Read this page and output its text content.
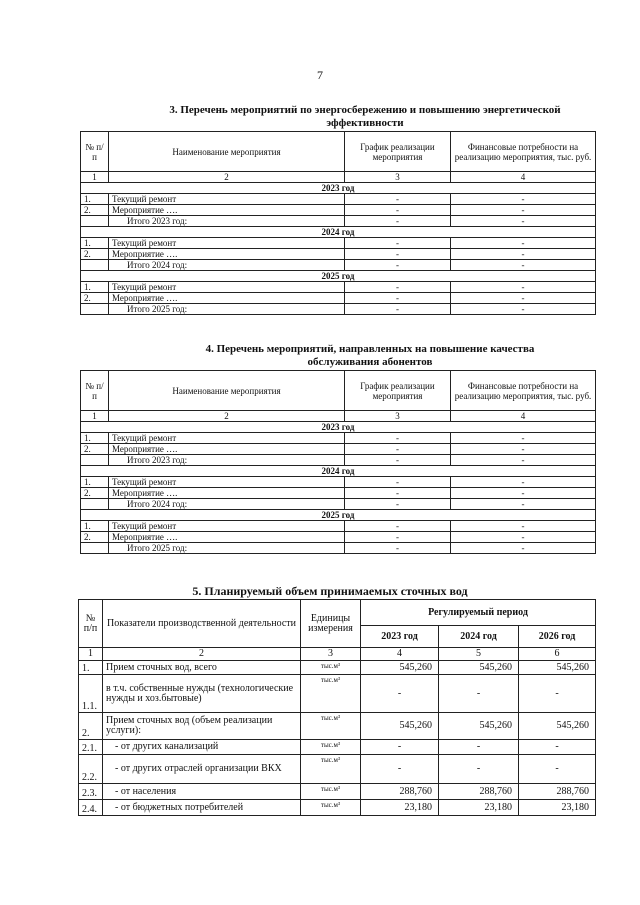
7
3. Перечень мероприятий по энергосбережению и повышению энергетической
эффективности
№ п/п	Наименование мероприятия	График реализации мероприятия	Финансовые потребности на реализацию мероприятия, тыс. руб.
1	2	3	4
2023 год			
1.	Текущий ремонт	-	-
2.	Мероприятие ….	-	-
	Итого 2023 год:	-	-
2024 год			
1.	Текущий ремонт	-	-
2.	Мероприятие ….	-	-
	Итого 2024 год:	-	-
2025 год			
1.	Текущий ремонт	-	-
2.	Мероприятие ….	-	-
	Итого 2025 год:	-	-
4. Перечень мероприятий, направленных на повышение качества
обслуживания абонентов
№ п/п	Наименование мероприятия	График реализации мероприятия	Финансовые потребности на реализацию мероприятия, тыс. руб.
1	2	3	4
2023 год			
1.	Текущий ремонт	-	-
2.	Мероприятие ….	-	-
	Итого 2023 год:	-	-
2024 год			
1.	Текущий ремонт	-	-
2.	Мероприятие ….	-	-
	Итого 2024 год:	-	-
2025 год			
1.	Текущий ремонт	-	-
2.	Мероприятие ….	-	-
	Итого 2025 год:	-	-
5. Планируемый объем принимаемых сточных вод
№ п/п	Показатели производственной деятельности	Единицы измерения	Регулируемый период		
			2023 год	2024 год	2026 год
1	2	3	4	5	6
1.	Прием сточных вод, всего	тыс.м³	545,260	545,260	545,260
1.1.	в т.ч. собственные нужды (технологические нужды и хоз.бытовые)	тыс.м³	-	-	-
2.	Прием сточных вод (объем реализации услуги):	тыс.м³	545,260	545,260	545,260
2.1.	- от других канализаций	тыс.м³	-	-	-
2.2.	- от других отраслей организации ВКХ	тыс.м³	-	-	-
2.3.	- от населения	тыс.м³	288,760	288,760	288,760
2.4.	- от бюджетных потребителей	тыс.м³	23,180	23,180	23,180
